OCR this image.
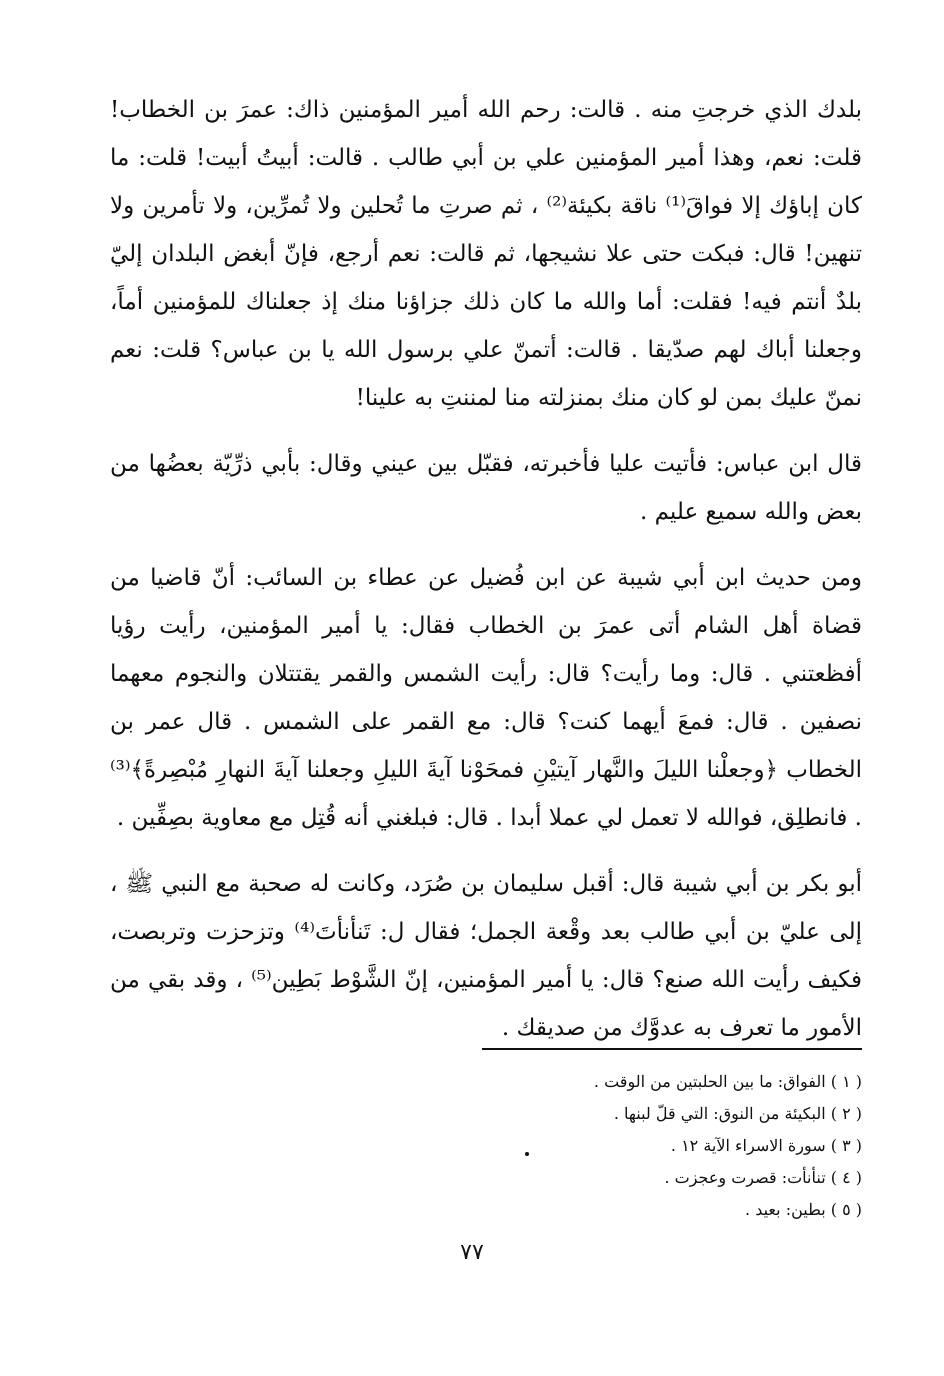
بلدك الذي خرجتِ منه . قالت: رحم الله أمير المؤمنين ذاك: عمرَ بن الخطاب! قلت: نعم، وهذا أمير المؤمنين علي بن أبي طالب . قالت: أبيتُ أبيت! قلت: ما كان إباؤك إلا فواقَ⁽¹⁾ ناقة بكيئة⁽²⁾ ، ثم صرتِ ما تُحلين ولا تُمرِّين، ولا تأمرين ولا تنهين! قال: فبكت حتى علا نشيجها، ثم قالت: نعم أرجع، فإنّ أبغض البلدان إليّ بلدٌ أنتم فيه! فقلت: أما والله ما كان ذلك جزاؤنا منك إذ جعلناك للمؤمنين أماً، وجعلنا أباك لهم صدّيقا . قالت: أتمنّ علي برسول الله يا بن عباس؟ قلت: نعم نمنّ عليك بمن لو كان منك بمنزلته منا لمننتِ به علينا!

قال ابن عباس: فأتيت عليا فأخبرته، فقبّل بين عيني وقال: بأبي ذرِّيّة بعضُها من بعض والله سميع عليم .

ومن حديث ابن أبي شيبة عن ابن فُضيل عن عطاء بن السائب: أنّ قاضيا من قضاة أهل الشام أتى عمرَ بن الخطاب فقال: يا أمير المؤمنين، رأيت رؤيا أفظعتني . قال: وما رأيت؟ قال: رأيت الشمس والقمر يقتتلان والنجوم معهما نصفين . قال: فمعَ أيهما كنت؟ قال: مع القمر على الشمس . قال عمر بن الخطاب ﴿وجعلْنا الليلَ والنَّهار آيتيْنِ فمحَوْنا آيةَ الليلِ وجعلنا آيةَ النهارِ مُبْصِرةً﴾⁽³⁾ . فانطلِق، فوالله لا تعمل لي عملا أبدا . قال: فبلغني أنه قُتِل مع معاوية بصِفِّين .

أبو بكر بن أبي شيبة قال: أقبل سليمان بن صُرَد، وكانت له صحبة مع النبي ﷺ ، إلى عليّ بن أبي طالب بعد وقْعة الجمل؛ فقال ل: تَنأنأتَ⁽⁴⁾ وتزحزت وتربصت، فكيف رأيت الله صنع؟ قال: يا أمير المؤمنين، إنّ الشَّوْط بَطِين⁽⁵⁾ ، وقد بقي من الأمور ما تعرف به عدوَّك من صديقك .

( ١ ) الفواق: ما بين الحلبتين من الوقت .
( ٢ ) البكيئة من النوق: التي قلّ لبنها .
( ٣ ) سورة الاسراء الآية ١٢ .
( ٤ ) تنأنأت: قصرت وعجزت .
( ٥ ) بطين: بعيد .
٧٧
